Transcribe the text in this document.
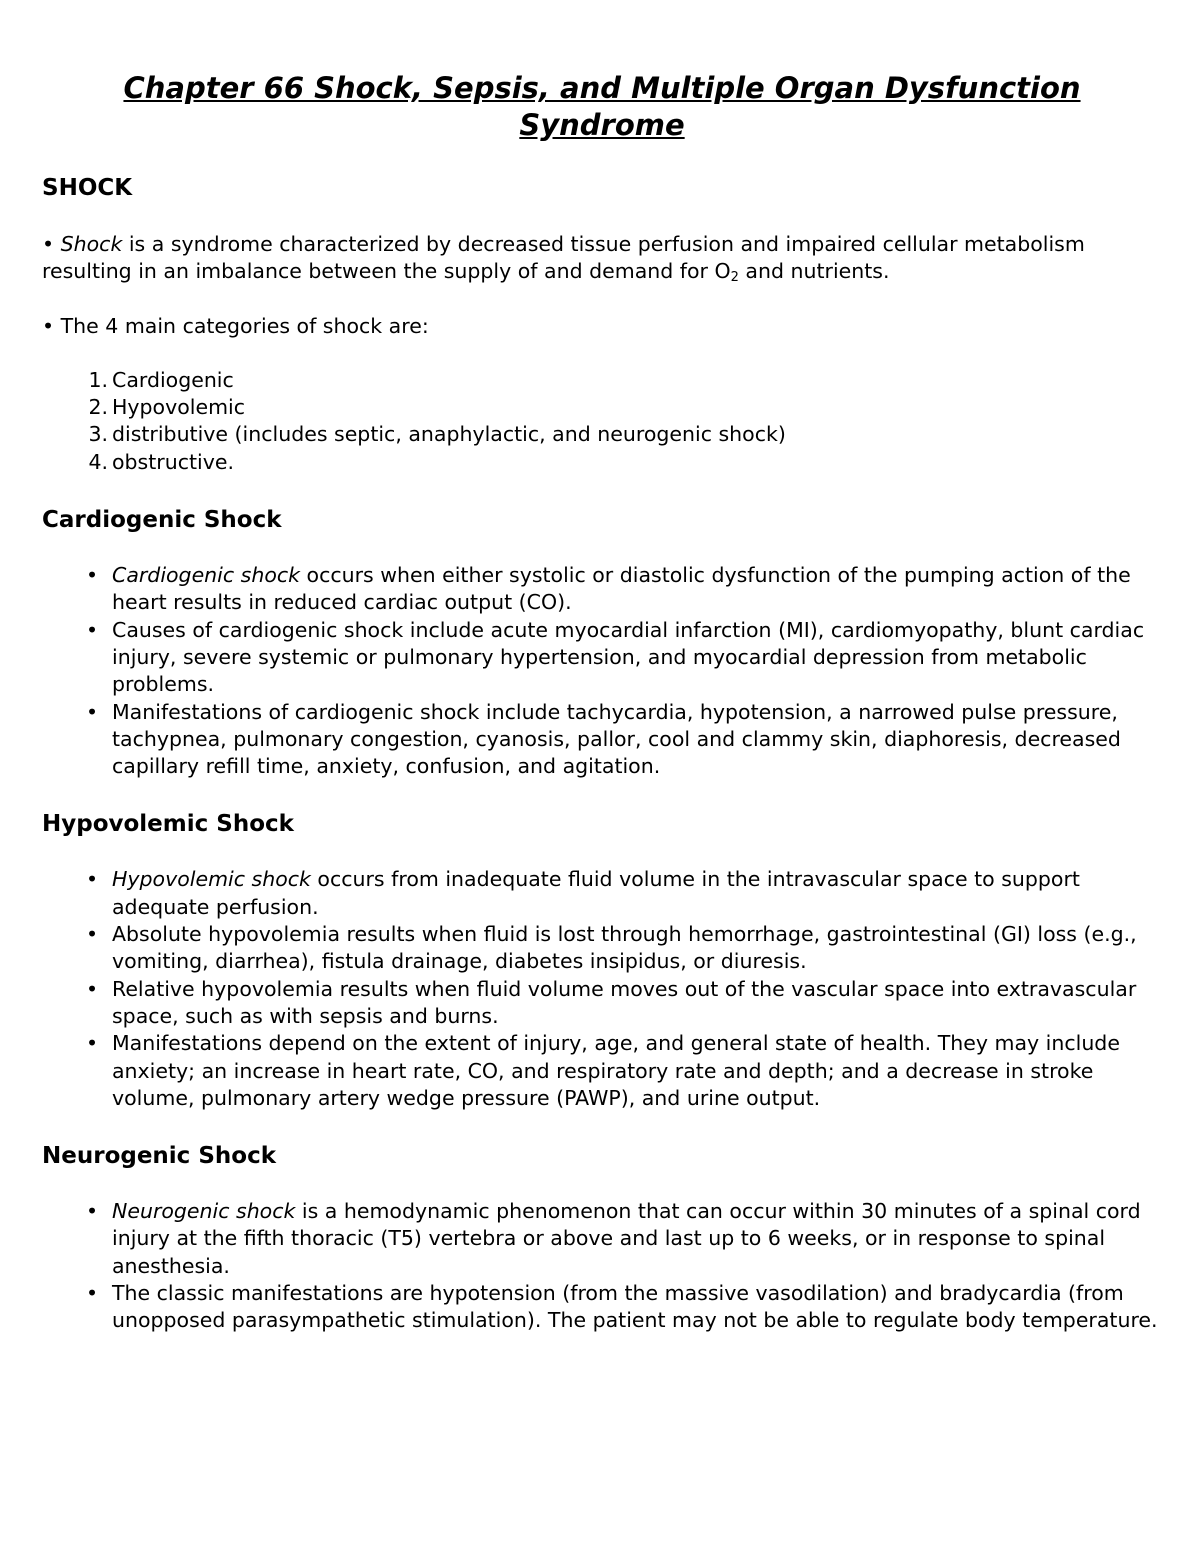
Chapter 66 Shock, Sepsis, and Multiple Organ Dysfunction Syndrome
SHOCK

• Shock is a syndrome characterized by decreased tissue perfusion and impaired cellular metabolism resulting in an imbalance between the supply of and demand for $O_2$ and nutrients.

• The 4 main categories of shock are:

1. Cardiogenic
2. Hypovolemic
3. distributive (includes septic, anaphylactic, and neurogenic shock)
4. obstructive.
Cardiogenic Shock
• Cardiogenic shock occurs when either systolic or diastolic dysfunction of the pumping action of the heart results in reduced cardiac output (CO).
• Causes of cardiogenic shock include acute myocardial infarction (MI), cardiomyopathy, blunt cardiac injury, severe systemic or pulmonary hypertension, and myocardial depression from metabolic problems.
• Manifestations of cardiogenic shock include tachycardia, hypotension, a narrowed pulse pressure, tachypnea, pulmonary congestion, cyanosis, pallor, cool and clammy skin, diaphoresis, decreased capillary refill time, anxiety, confusion, and agitation.
Hypovolemic Shock
• Hypovolemic shock occurs from inadequate fluid volume in the intravascular space to support adequate perfusion.
• Absolute hypovolemia results when fluid is lost through hemorrhage, gastrointestinal (GI) loss (e.g., vomiting, diarrhea), fistula drainage, diabetes insipidus, or diuresis.
• Relative hypovolemia results when fluid volume moves out of the vascular space into extravascular space, such as with sepsis and burns.
• Manifestations depend on the extent of injury, age, and general state of health. They may include anxiety; an increase in heart rate, CO, and respiratory rate and depth; and a decrease in stroke volume, pulmonary artery wedge pressure (PAWP), and urine output.
Neurogenic Shock
• Neurogenic shock is a hemodynamic phenomenon that can occur within 30 minutes of a spinal cord injury at the fifth thoracic (T5) vertebra or above and last up to 6 weeks, or in response to spinal anesthesia.
• The classic manifestations are hypotension (from the massive vasodilation) and bradycardia (from unopposed parasympathetic stimulation). The patient may not be able to regulate body temperature.
